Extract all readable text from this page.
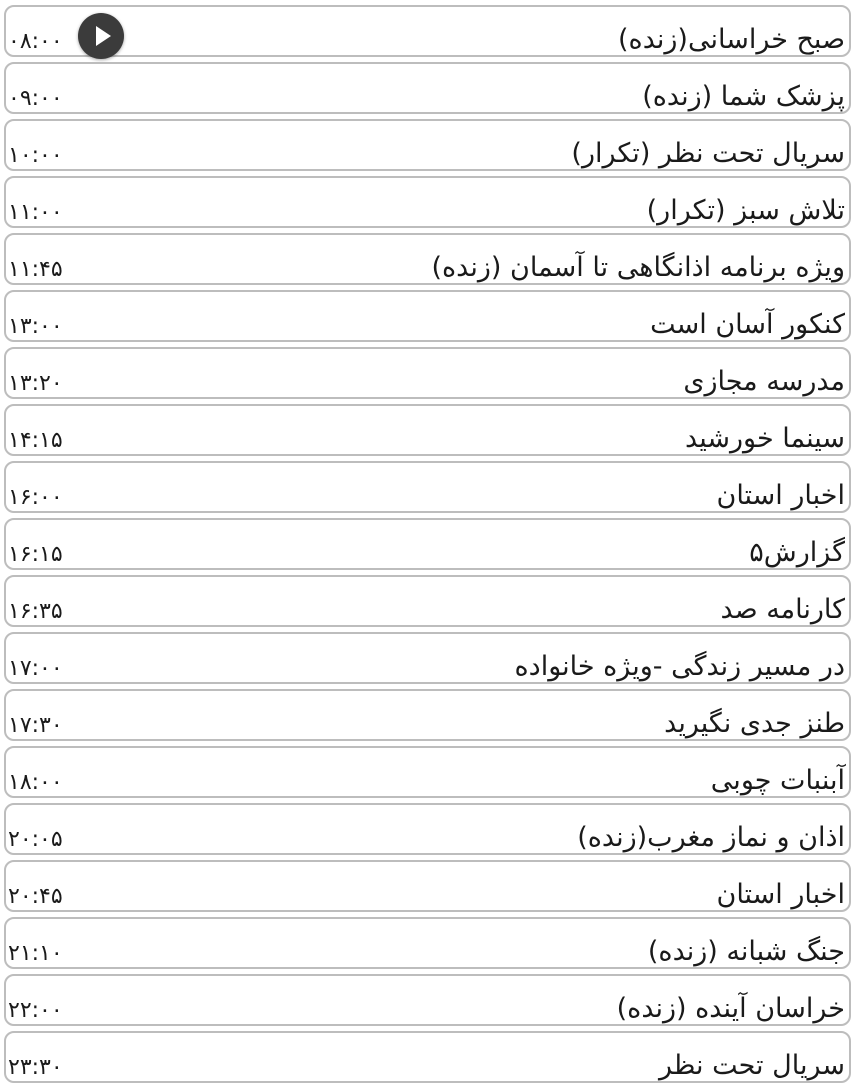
صبح خراسانی(زنده)
۰۸:۰۰
پزشک شما (زنده)
۰۹:۰۰
سریال تحت نظر (تکرار)
۱۰:۰۰
تلاش سبز (تکرار)
۱۱:۰۰
ویژه برنامه اذانگاهی تا آسمان (زنده)
۱۱:۴۵
کنکور آسان است
۱۳:۰۰
مدرسه مجازی
۱۳:۲۰
سینما خورشید
۱۴:۱۵
اخبار استان
۱۶:۰۰
گزارش۵
۱۶:۱۵
کارنامه صد
۱۶:۳۵
در مسیر زندگی -ویژه خانواده
۱۷:۰۰
طنز جدی نگیرید
۱۷:۳۰
آبنبات چوبی
۱۸:۰۰
اذان و نماز مغرب(زنده)
۲۰:۰۵
اخبار استان
۲۰:۴۵
جنگ شبانه (زنده)
۲۱:۱۰
خراسان آینده (زنده)
۲۲:۰۰
سریال تحت نظر
۲۳:۳۰
